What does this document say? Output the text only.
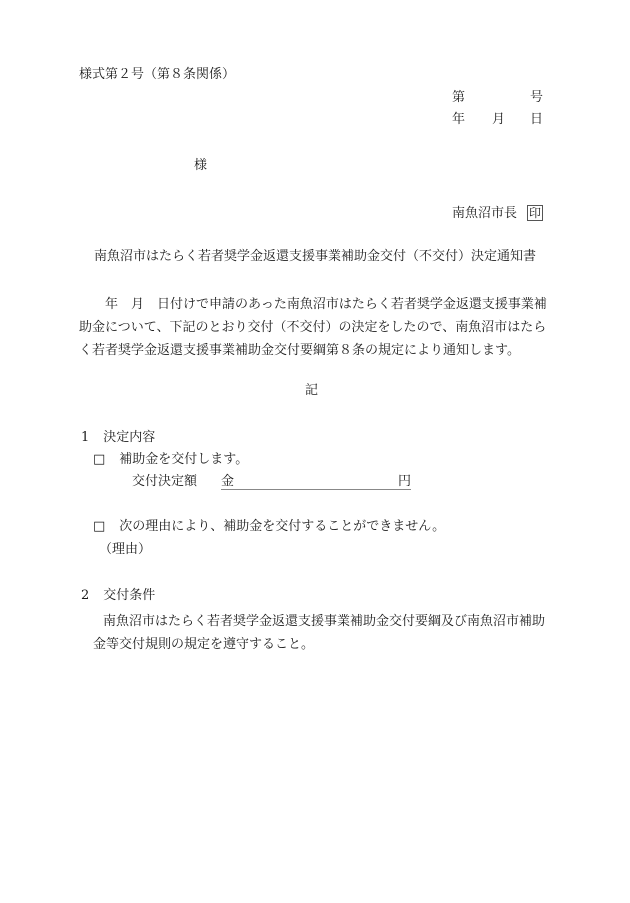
様式第２号（第８条関係）
第	号
年 月 日
様
南魚沼市長 印
南魚沼市はたらく若者奨学金返還支援事業補助金交付（不交付）決定通知書
　　年　月　日付けで申請のあった南魚沼市はたらく若者奨学金返還支援事業補
助金について、下記のとおり交付（不交付）の決定をしたので、南魚沼市はたら
く若者奨学金返還支援事業補助金交付要綱第８条の規定により通知します。
記
1 決定内容
□ 補助金を交付します。
交付決定額 金	円
□ 次の理由により、補助金を交付することができません。
（理由）
2 交付条件
南魚沼市はたらく若者奨学金返還支援事業補助金交付要綱及び南魚沼市補助
金等交付規則の規定を遵守すること。
